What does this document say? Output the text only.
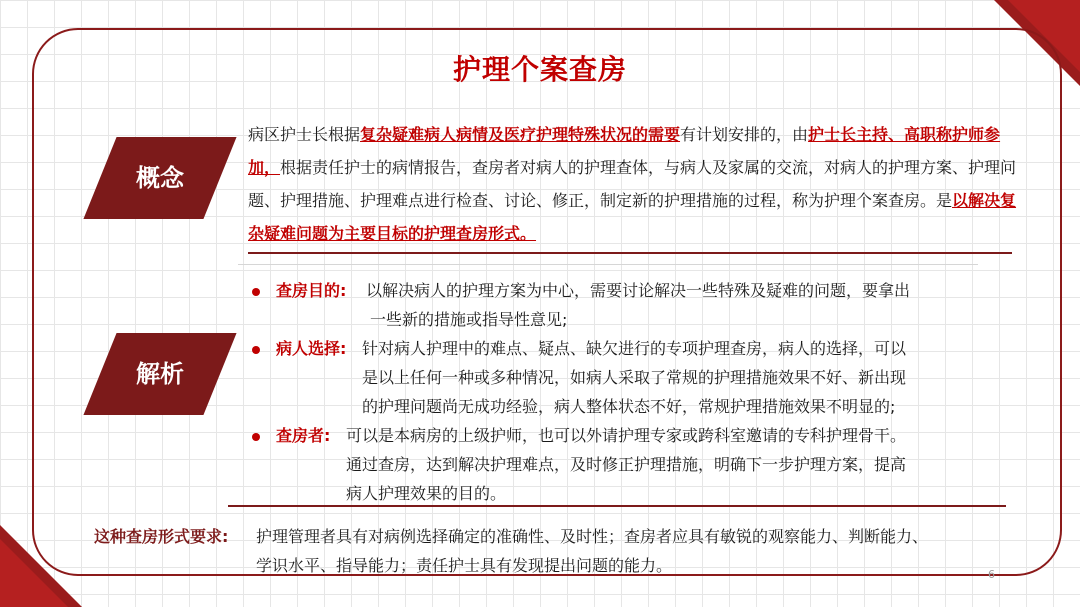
护理个案查房
概念
解析
病区护士长根据复杂疑难病人病情及医疗护理特殊状况的需要有计划安排的，由护士长主持、高职称护师参加，根据责任护士的病情报告，查房者对病人的护理查体，与病人及家属的交流，对病人的护理方案、护理问题、护理措施、护理难点进行检查、讨论、修正，制定新的护理措施的过程，称为护理个案查房。是以解决复杂疑难问题为主要目标的护理查房形式。
查房目的: 以解决病人的护理方案为中心，需要讨论解决一些特殊及疑难的问题，要拿出
一些新的措施或指导性意见;
病人选择: 针对病人护理中的难点、疑点、缺欠进行的专项护理查房，病人的选择，可以
是以上任何一种或多种情况，如病人采取了常规的护理措施效果不好、新出现
的护理问题尚无成功经验，病人整体状态不好，常规护理措施效果不明显的;
查房者: 可以是本病房的上级护师，也可以外请护理专家或跨科室邀请的专科护理骨干。
通过查房，达到解决护理难点，及时修正护理措施，明确下一步护理方案，提高
病人护理效果的目的。
这种查房形式要求: 护理管理者具有对病例选择确定的准确性、及时性；查房者应具有敏锐的观察能力、判断能力、
学识水平、指导能力；责任护士具有发现提出问题的能力。	6
